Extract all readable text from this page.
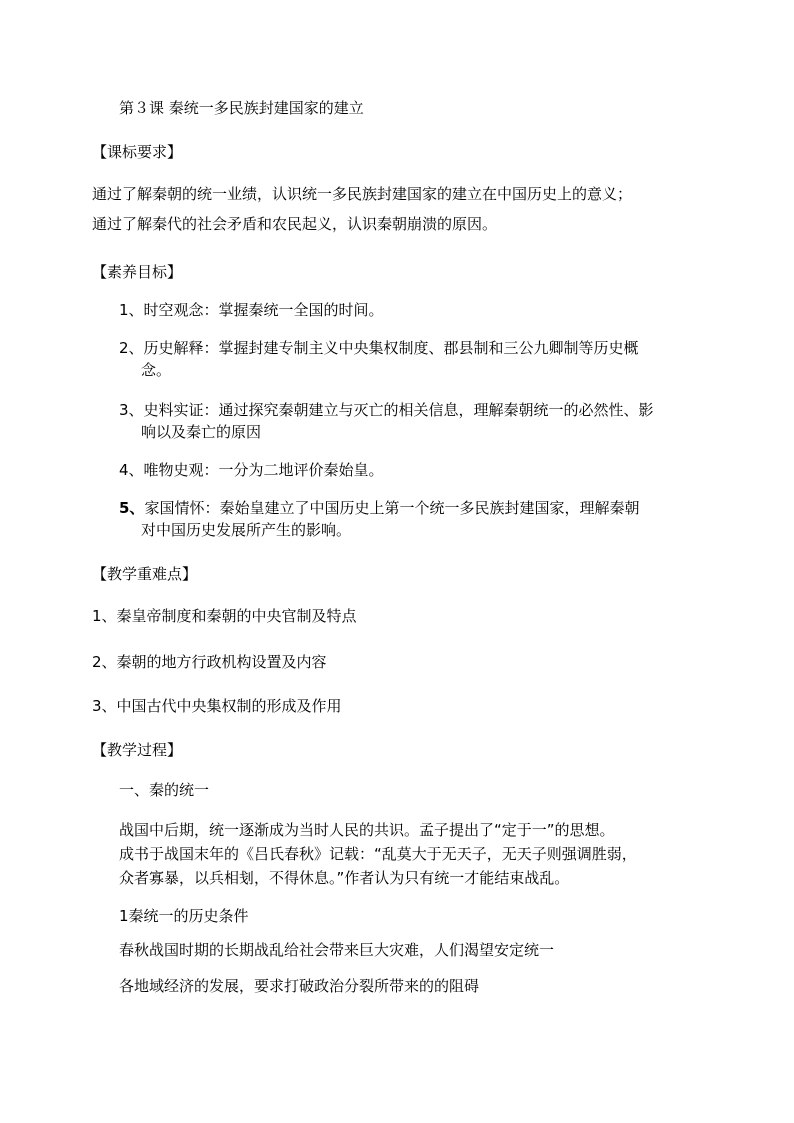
第３课 秦统一多民族封建国家的建立

【课标要求】

通过了解秦朝的统一业绩，认识统一多民族封建国家的建立在中国历史上的意义；

通过了解秦代的社会矛盾和农民起义，认识秦朝崩溃的原因。

【素养目标】

1、时空观念：掌握秦统一全国的时间。

2、历史解释：掌握封建专制主义中央集权制度、郡县制和三公九卿制等历史概

念。

3、史料实证：通过探究秦朝建立与灭亡的相关信息，理解秦朝统一的必然性、影

响以及秦亡的原因

4、唯物史观：一分为二地评价秦始皇。

5、家国情怀：秦始皇建立了中国历史上第一个统一多民族封建国家，理解秦朝

对中国历史发展所产生的影响。

【教学重难点】

1、秦皇帝制度和秦朝的中央官制及特点

2、秦朝的地方行政机构设置及内容

3、中国古代中央集权制的形成及作用

【教学过程】

一、秦的统一

战国中后期，统一逐渐成为当时人民的共识。孟子提出了“定于一”的思想。

成书于战国末年的《吕氏春秋》记载：“乱莫大于无天子，无天子则强调胜弱，

众者寡暴，以兵相刬，不得休息。”作者认为只有统一才能结束战乱。

1秦统一的历史条件

春秋战国时期的长期战乱给社会带来巨大灾难，人们渴望安定统一

各地域经济的发展，要求打破政治分裂所带来的的阻碍
